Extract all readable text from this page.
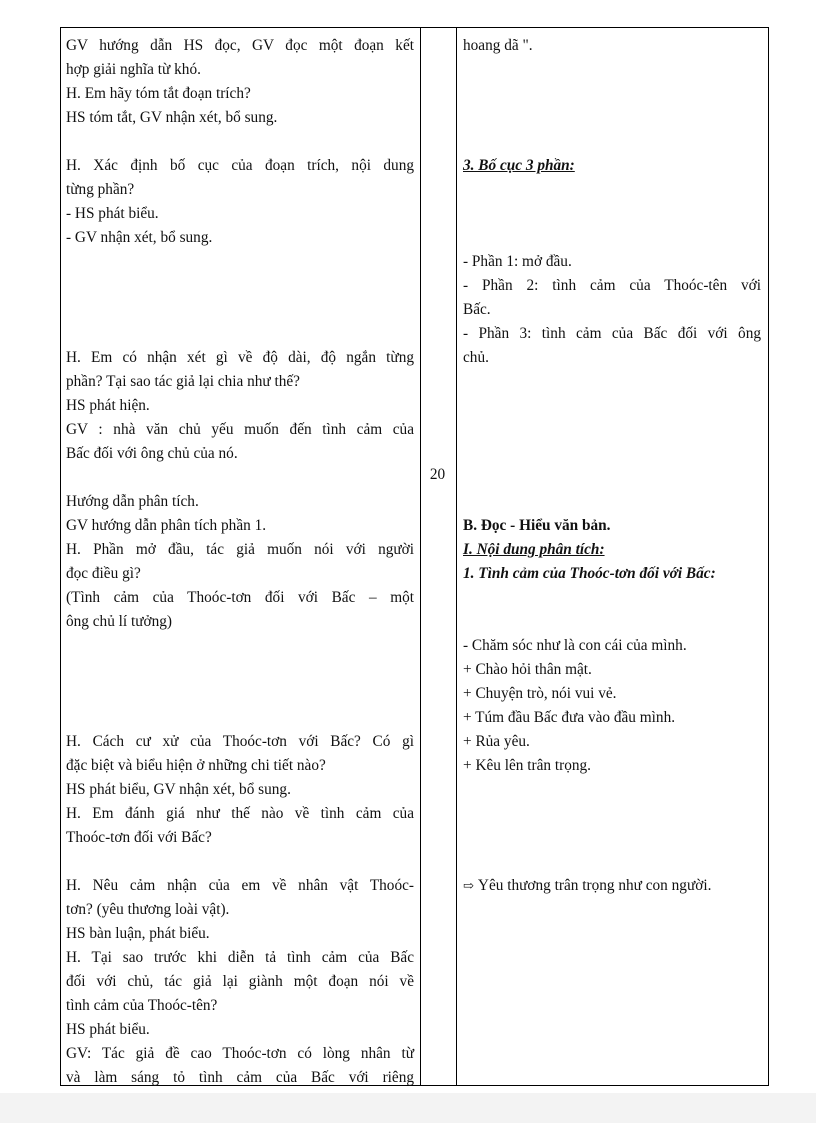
GV hướng dẫn HS đọc, GV đọc một đoạn kết

hợp giải nghĩa từ khó.

H. Em hãy tóm tắt đoạn trích?

HS tóm tắt, GV nhận xét, bổ sung.

H. Xác định bố cục của đoạn trích, nội dung

từng phần?

- HS phát biểu.

- GV nhận xét, bổ sung.

H. Em có nhận xét gì về độ dài, độ ngắn từng

phần? Tại sao tác giả lại chia như thế?

HS phát hiện.

GV : nhà văn chủ yếu muốn đến tình cảm của

Bấc đối với ông chủ của nó.

Hướng dẫn phân tích.

GV hướng dẫn phân tích phần 1.

H. Phần mở đầu, tác giả muốn nói với người

đọc điều gì?

(Tình cảm của Thoóc-tơn đối với Bấc – một

ông chủ lí tưởng)

H. Cách cư xử của Thoóc-tơn với Bấc? Có gì

đặc biệt và biểu hiện ở những chi tiết nào?

HS phát biểu, GV nhận xét, bổ sung.

H. Em đánh giá như thế nào về tình cảm của

Thoóc-tơn đối với Bấc?

H. Nêu cảm nhận của em về nhân vật Thoóc-

tơn? (yêu thương loài vật).

HS bàn luận, phát biểu.

H. Tại sao trước khi diễn tả tình cảm của Bấc

đối với chủ, tác giả lại giành một đoạn nói về

tình cảm của Thoóc-tên?

HS phát biểu.

GV: Tác giả đề cao Thoóc-tơn có lòng nhân từ

và làm sáng tỏ tình cảm của Bấc với riêng

20

hoang dã ".

3. Bố cục 3 phần:

- Phần 1: mở đầu.

- Phần 2: tình cảm của Thoóc-tên với

Bấc.

- Phần 3: tình cảm của Bấc đối với ông

chủ.

B. Đọc - Hiểu văn bản.

I. Nội dung phân tích:

1. Tình cảm của Thoóc-tơn đối với Bấc:

- Chăm sóc như là con cái của mình.

+ Chào hỏi thân mật.

+ Chuyện trò, nói vui vẻ.

+ Túm đầu Bấc đưa vào đầu mình.

+ Rủa yêu.

+ Kêu lên trân trọng.

⇨ Yêu thương trân trọng như con người.
